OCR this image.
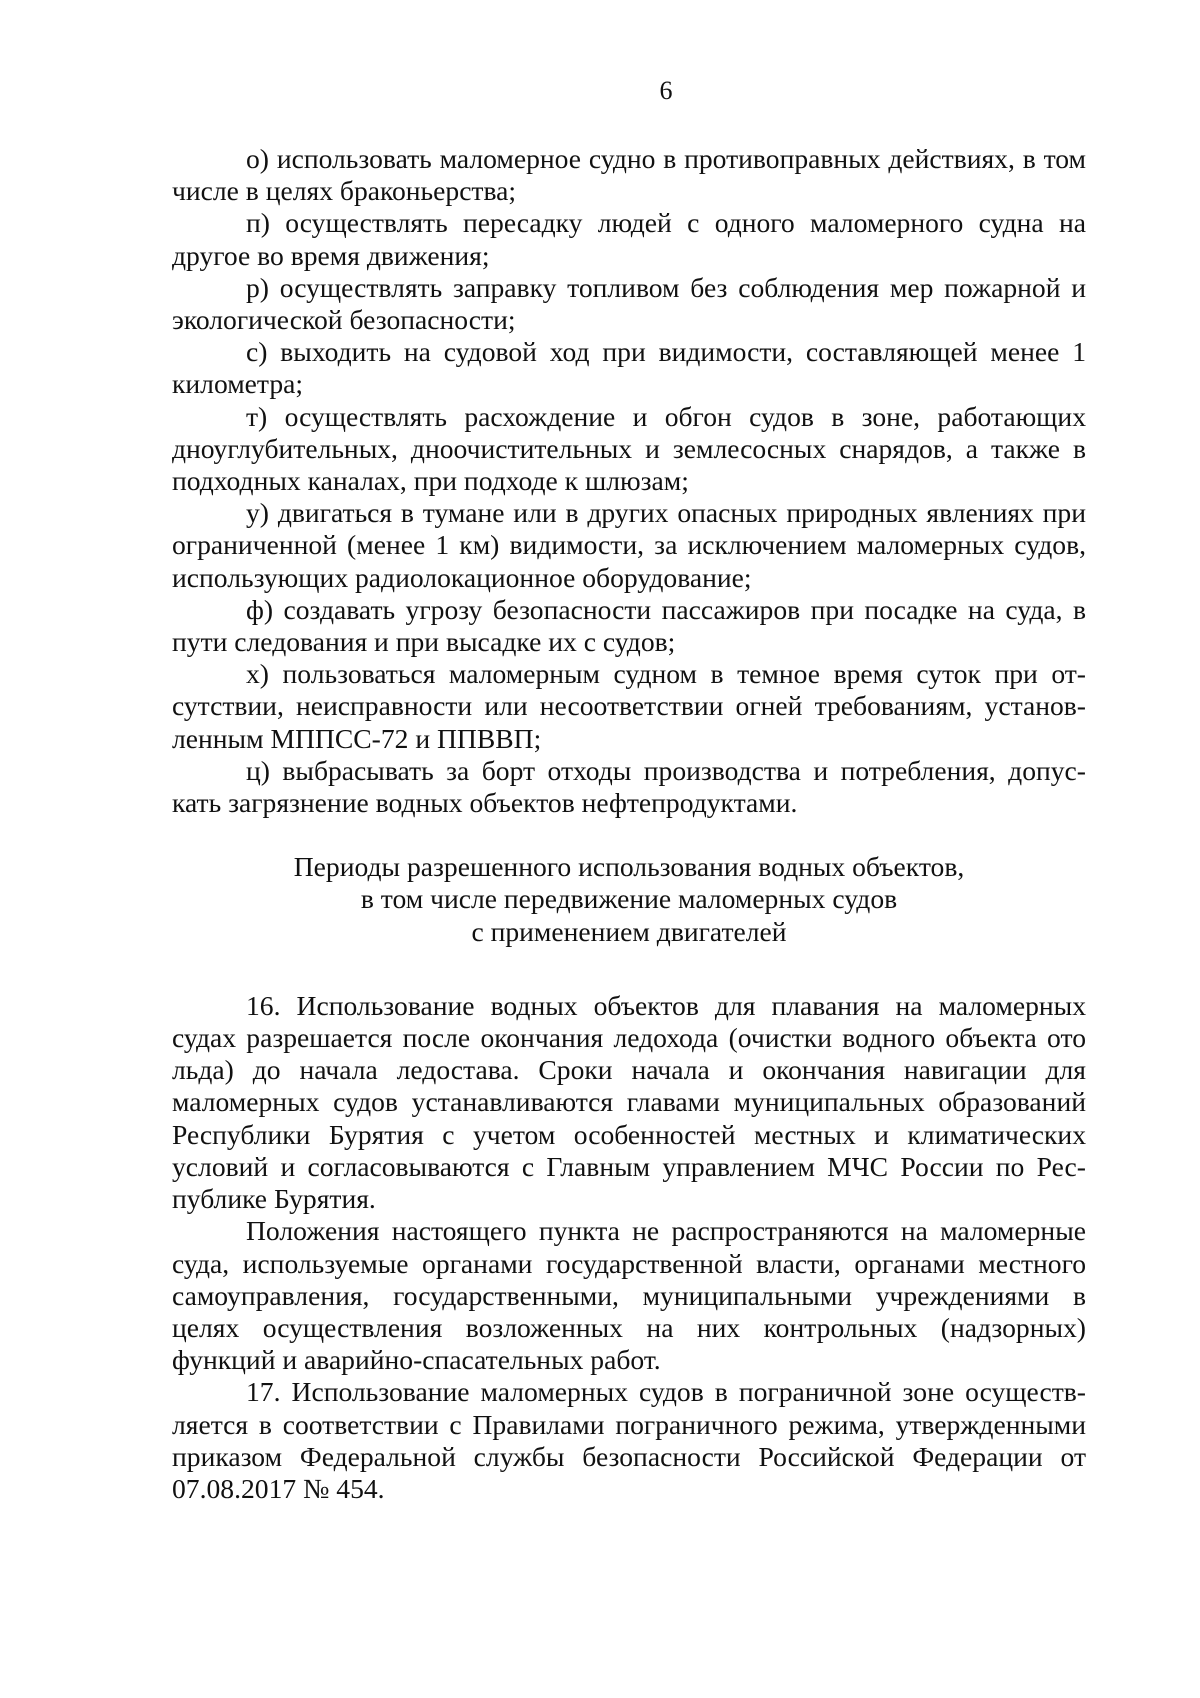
6

о) использовать маломерное судно в противоправных действиях, в том числе в целях браконьерства;

п) осуществлять пересадку людей с одного маломерного судна на другое во время движения;

р) осуществлять заправку топливом без соблюдения мер пожарной и экологической безопасности;

с) выходить на судовой ход при видимости, составляющей менее 1 километра;

т) осуществлять расхождение и обгон судов в зоне, работающих дноуглубительных, дноочистительных и землесосных снарядов, а также в подходных каналах, при подходе к шлюзам;

у) двигаться в тумане или в других опасных природных явлениях при ограниченной (менее 1 км) видимости, за исключением маломерных судов, использующих радиолокационное оборудование;

ф) создавать угрозу безопасности пассажиров при посадке на суда, в пути следования и при высадке их с судов;

х) пользоваться маломерным судном в темное время суток при от-сутствии, неисправности или несоответствии огней требованиям, установ-ленным МППСС-72 и ППВВП;

ц) выбрасывать за борт отходы производства и потребления, допус-кать загрязнение водных объектов нефтепродуктами.

Периоды разрешенного использования водных объектов,
в том числе передвижение маломерных судов
с применением двигателей

16. Использование водных объектов для плавания на маломерных судах разрешается после окончания ледохода (очистки водного объекта ото льда) до начала ледостава. Сроки начала и окончания навигации для маломерных судов устанавливаются главами муниципальных образований Республики Бурятия с учетом особенностей местных и климатических условий и согласовываются с Главным управлением МЧС России по Рес-публике Бурятия.

Положения настоящего пункта не распространяются на маломерные суда, используемые органами государственной власти, органами местного самоуправления, государственными, муниципальными учреждениями в целях осуществления возложенных на них контрольных (надзорных) функций и аварийно-спасательных работ.

17. Использование маломерных судов в пограничной зоне осуществ-ляется в соответствии с Правилами пограничного режима, утвержденными приказом Федеральной службы безопасности Российской Федерации от 07.08.2017 № 454.
